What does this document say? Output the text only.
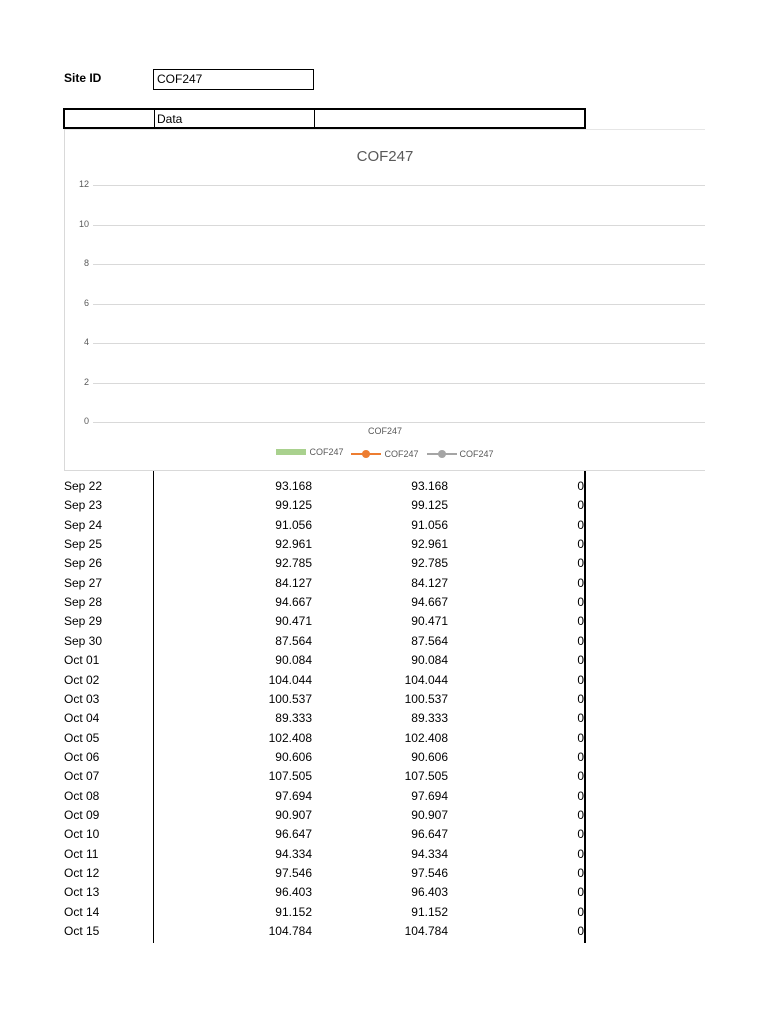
Site ID	COF247
Data
Sep 22	93.168	93.168	0
Sep 23	99.125	99.125	0
Sep 24	91.056	91.056	0
Sep 25	92.961	92.961	0
Sep 26	92.785	92.785	0
Sep 27	84.127	84.127	0
Sep 28	94.667	94.667	0
Sep 29	90.471	90.471	0
Sep 30	87.564	87.564	0
Oct 01	90.084	90.084	0
Oct 02	104.044	104.044	0
Oct 03	100.537	100.537	0
Oct 04	89.333	89.333	0
Oct 05	102.408	102.408	0
Oct 06	90.606	90.606	0
Oct 07	107.505	107.505	0
Oct 08	97.694	97.694	0
Oct 09	90.907	90.907	0
Oct 10	96.647	96.647	0
Oct 11	94.334	94.334	0
Oct 12	97.546	97.546	0
Oct 13	96.403	96.403	0
Oct 14	91.152	91.152	0
Oct 15	104.784	104.784	0
COF247
12
10
8
6
4
2
0
COF247
COF247	COF247	COF247
